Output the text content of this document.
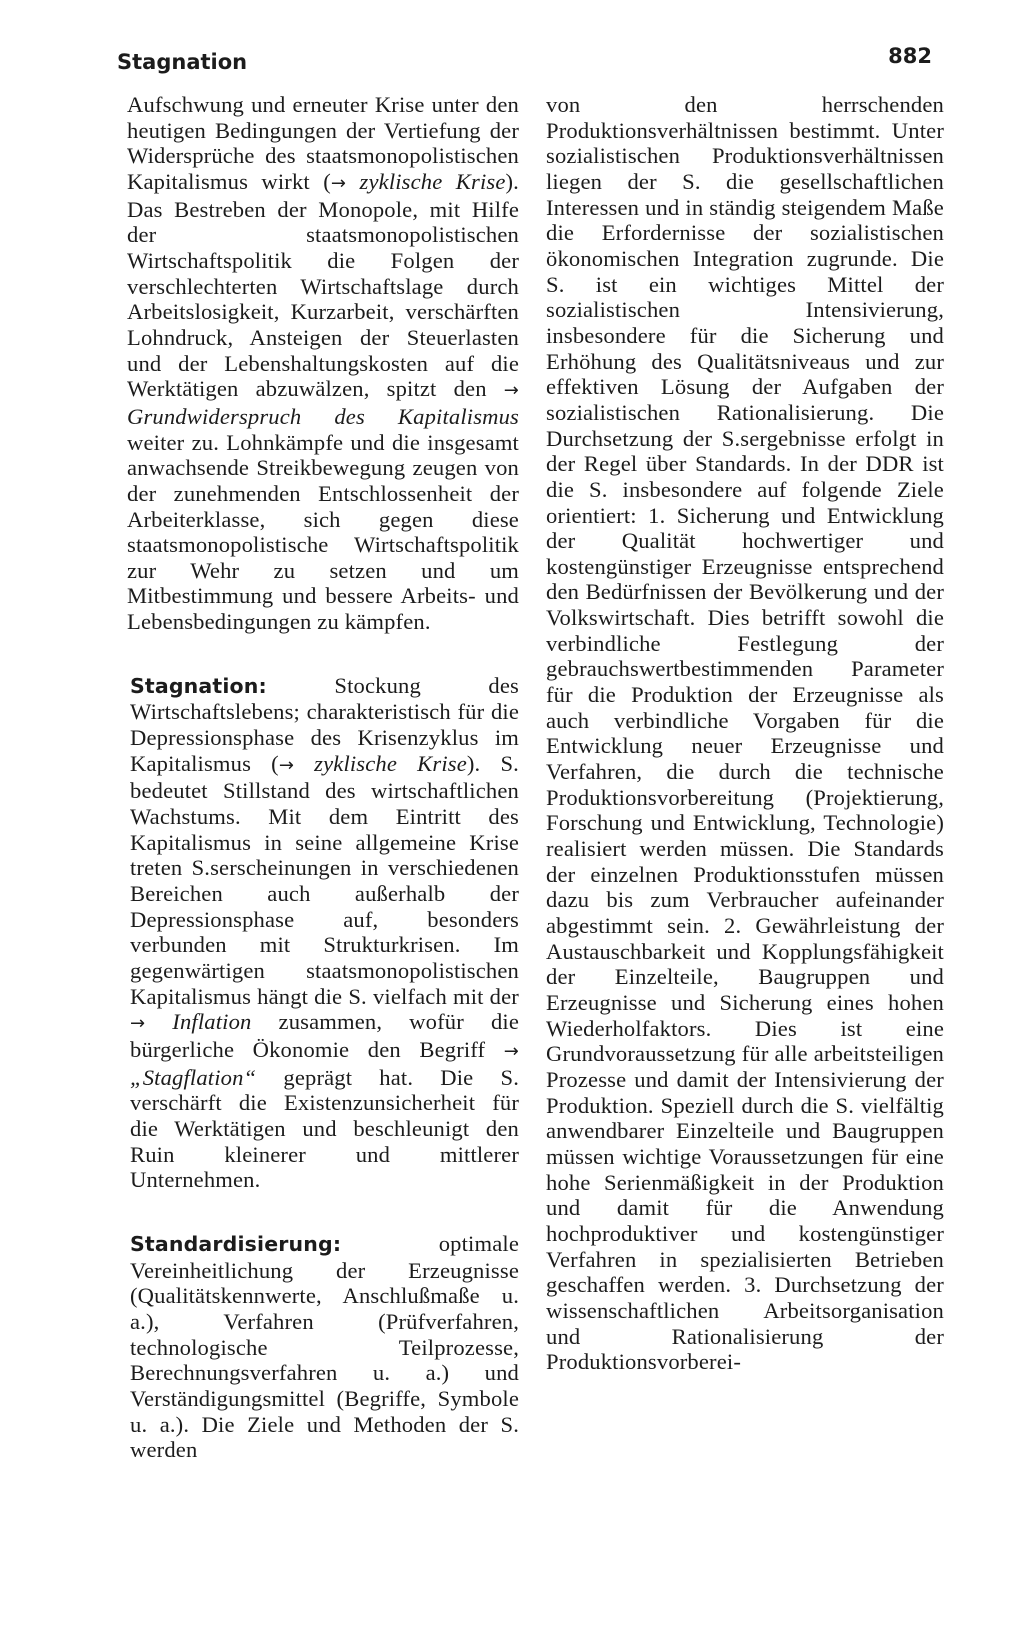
Stagnation	882

Aufschwung und erneuter Krise unter den heutigen Bedingungen der Vertiefung der Widersprüche des staatsmonopolistischen Kapitalismus wirkt (→ zyklische Krise). Das Bestreben der Monopole, mit Hilfe der staatsmonopolistischen Wirtschaftspolitik die Folgen der verschlechterten Wirtschaftslage durch Arbeitslosigkeit, Kurzarbeit, verschärften Lohndruck, Ansteigen der Steuerlasten und der Lebenshaltungskosten auf die Werktätigen abzuwälzen, spitzt den → Grundwiderspruch des Kapitalismus weiter zu. Lohnkämpfe und die insgesamt anwachsende Streikbewegung zeugen von der zunehmenden Entschlossenheit der Arbeiterklasse, sich gegen diese staatsmonopolistische Wirtschaftspolitik zur Wehr zu setzen und um Mitbestimmung und bessere Arbeits- und Lebensbedingungen zu kämpfen.

Stagnation: Stockung des Wirtschaftslebens; charakteristisch für die Depressionsphase des Krisenzyklus im Kapitalismus (→ zyklische Krise). S. bedeutet Stillstand des wirtschaftlichen Wachstums. Mit dem Eintritt des Kapitalismus in seine allgemeine Krise treten S.serscheinungen in verschiedenen Bereichen auch außerhalb der Depressionsphase auf, besonders verbunden mit Strukturkrisen. Im gegenwärtigen staatsmonopolistischen Kapitalismus hängt die S. vielfach mit der → Inflation zusammen, wofür die bürgerliche Ökonomie den Begriff → „Stagflation“ geprägt hat. Die S. verschärft die Existenzunsicherheit für die Werktätigen und beschleunigt den Ruin kleinerer und mittlerer Unternehmen.

Standardisierung: optimale Vereinheitlichung der Erzeugnisse (Qualitätskennwerte, Anschlußmaße u. a.), Verfahren (Prüfverfahren, technologische Teilprozesse, Berechnungsverfahren u. a.) und Verständigungsmittel (Begriffe, Symbole u. a.). Die Ziele und Methoden der S. werden

von den herrschenden Produktionsverhältnissen bestimmt. Unter sozialistischen Produktionsverhältnissen liegen der S. die gesellschaftlichen Interessen und in ständig steigendem Maße die Erfordernisse der sozialistischen ökonomischen Integration zugrunde. Die S. ist ein wichtiges Mittel der sozialistischen Intensivierung, insbesondere für die Sicherung und Erhöhung des Qualitätsniveaus und zur effektiven Lösung der Aufgaben der sozialistischen Rationalisierung. Die Durchsetzung der S.sergebnisse erfolgt in der Regel über Standards. In der DDR ist die S. insbesondere auf folgende Ziele orientiert: 1. Sicherung und Entwicklung der Qualität hochwertiger und kostengünstiger Erzeugnisse entsprechend den Bedürfnissen der Bevölkerung und der Volkswirtschaft. Dies betrifft sowohl die verbindliche Festlegung der gebrauchswertbestimmenden Parameter für die Produktion der Erzeugnisse als auch verbindliche Vorgaben für die Entwicklung neuer Erzeugnisse und Verfahren, die durch die technische Produktionsvorbereitung (Projektierung, Forschung und Entwicklung, Technologie) realisiert werden müssen. Die Standards der einzelnen Produktionsstufen müssen dazu bis zum Verbraucher aufeinander abgestimmt sein. 2. Gewährleistung der Austauschbarkeit und Kopplungsfähigkeit der Einzelteile, Baugruppen und Erzeugnisse und Sicherung eines hohen Wiederholfaktors. Dies ist eine Grundvoraussetzung für alle arbeitsteiligen Prozesse und damit der Intensivierung der Produktion. Speziell durch die S. vielfältig anwendbarer Einzelteile und Baugruppen müssen wichtige Voraussetzungen für eine hohe Serienmäßigkeit in der Produktion und damit für die Anwendung hochproduktiver und kostengünstiger Verfahren in spezialisierten Betrieben geschaffen werden. 3. Durchsetzung der wissenschaftlichen Arbeitsorganisation und Rationalisierung der Produktionsvorberei-
